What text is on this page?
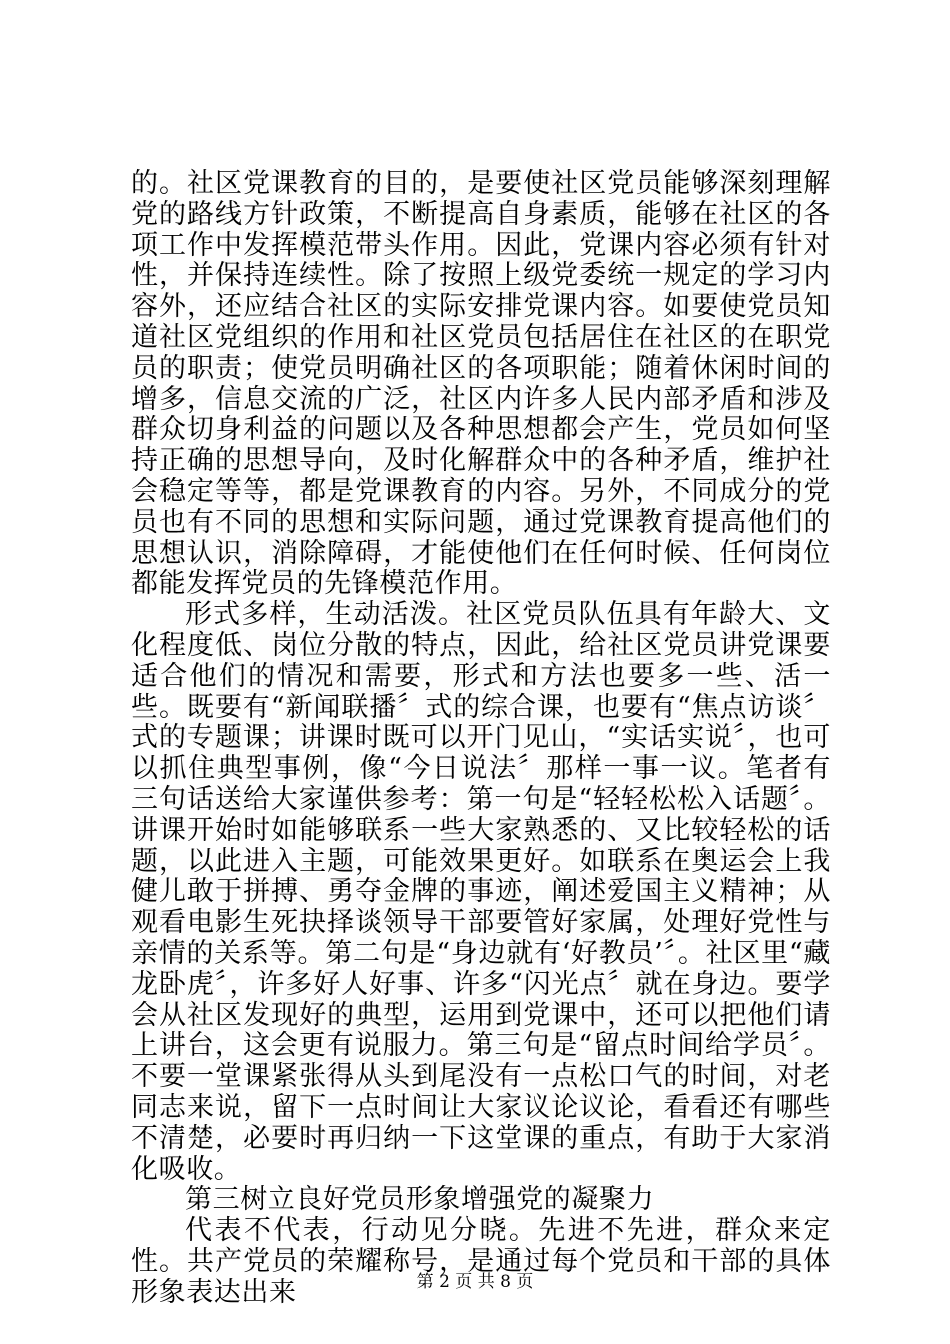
的。社区党课教育的目的，是要使社区党员能够深刻理解党的路线方针政策，不断提高自身素质，能够在社区的各项工作中发挥模范带头作用。因此，党课内容必须有针对性，并保持连续性。除了按照上级党委统一规定的学习内容外，还应结合社区的实际安排党课内容。如要使党员知道社区党组织的作用和社区党员包括居住在社区的在职党员的职责；使党员明确社区的各项职能；随着休闲时间的增多，信息交流的广泛，社区内许多人民内部矛盾和涉及群众切身利益的问题以及各种思想都会产生，党员如何坚持正确的思想导向，及时化解群众中的各种矛盾，维护社会稳定等等，都是党课教育的内容。另外，不同成分的党员也有不同的思想和实际问题，通过党课教育提高他们的思想认识，消除障碍，才能使他们在任何时候、任何岗位都能发挥党员的先锋模范作用。

形式多样，生动活泼。社区党员队伍具有年龄大、文化程度低、岗位分散的特点，因此，给社区党员讲党课要适合他们的情况和需要，形式和方法也要多一些、活一些。既要有“新闻联播〞式的综合课，也要有“焦点访谈〞式的专题课；讲课时既可以开门见山，“实话实说〞，也可以抓住典型事例，像“今日说法〞那样一事一议。笔者有三句话送给大家谨供参考：第一句是“轻轻松松入话题〞。讲课开始时如能够联系一些大家熟悉的、又比较轻松的话题，以此进入主题，可能效果更好。如联系在奥运会上我健儿敢于拼搏、勇夺金牌的事迹，阐述爱国主义精神；从观看电影生死抉择谈领导干部要管好家属，处理好党性与亲情的关系等。第二句是“身边就有‘好教员’〞。社区里“藏龙卧虎〞，许多好人好事、许多“闪光点〞就在身边。要学会从社区发现好的典型，运用到党课中，还可以把他们请上讲台，这会更有说服力。第三句是“留点时间给学员〞。不要一堂课紧张得从头到尾没有一点松口气的时间，对老同志来说，留下一点时间让大家议论议论，看看还有哪些不清楚，必要时再归纳一下这堂课的重点，有助于大家消化吸收。

第三树立良好党员形象增强党的凝聚力

代表不代表，行动见分晓。先进不先进，群众来定性。共产党员的荣耀称号，是通过每个党员和干部的具体形象表达出来	第 2 页 共 8 页
